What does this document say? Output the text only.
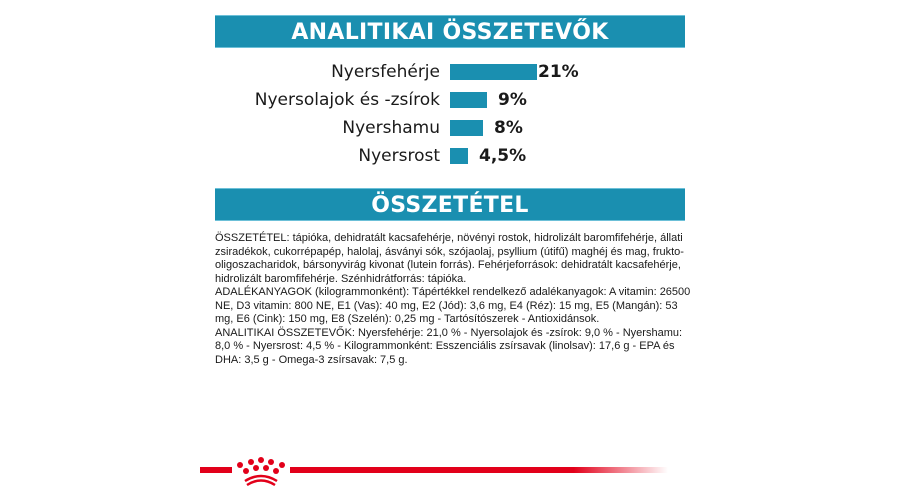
ANALITIKAI ÖSSZETEVŐK
Nyersfehérje	21%
Nyersolajok és -zsírok	9%
Nyershamu	8%
Nyersrost 4,5%
ÖSSZETÉTEL

ÖSSZETÉTEL: tápióka, dehidratált kacsafehérje, növényi rostok, hidrolizált baromfifehérje, állati zsiradékok, cukorrépapép, halolaj, ásványi sók, szójaolaj, psyllium (útifű) maghéj és mag, frukto-oligoszacharidok, bársonyvirág kivonat (lutein forrás). Fehérjeforrások: dehidratált kacsafehérje, hidrolizált baromfifehérje. Szénhidrátforrás: tápióka.

ADALÉKANYAGOK (kilogrammonként): Tápértékkel rendelkező adalékanyagok: A vitamin: 26500 NE, D3 vitamin: 800 NE, E1 (Vas): 40 mg, E2 (Jód): 3,6 mg, E4 (Réz): 15 mg, E5 (Mangán): 53 mg, E6 (Cink): 150 mg, E8 (Szelén): 0,25 mg - Tartósítószerek - Antioxidánsok.

ANALITIKAI ÖSSZETEVŐK: Nyersfehérje: 21,0 % - Nyersolajok és -zsírok: 9,0 % - Nyershamu: 8,0 % - Nyersrost: 4,5 % - Kilogrammonként: Esszenciális zsírsavak (linolsav): 17,6 g - EPA és DHA: 3,5 g - Omega-3 zsírsavak: 7,5 g.
